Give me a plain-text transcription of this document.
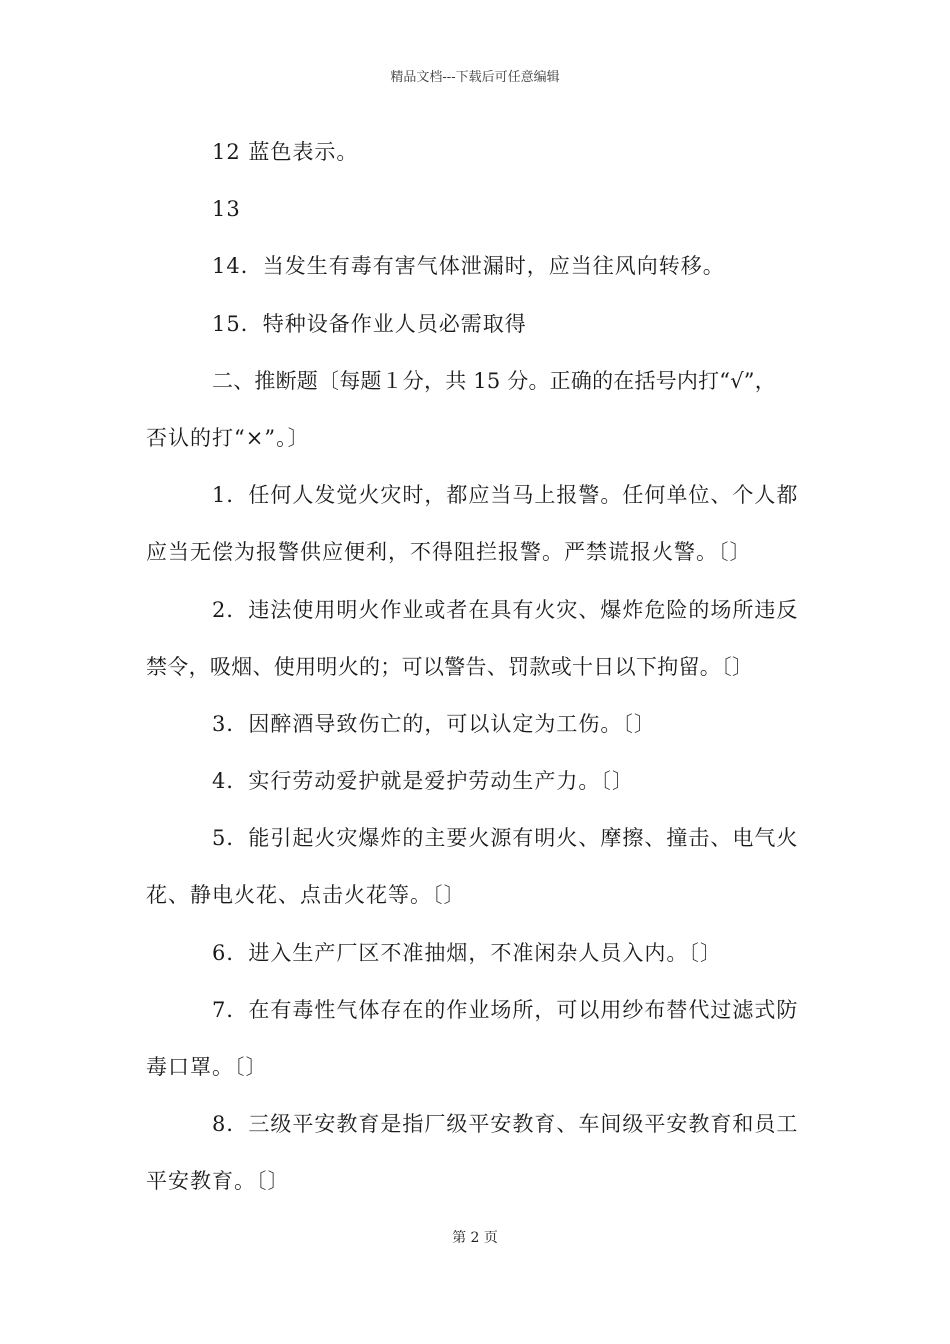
精品文档---下载后可任意编辑
12 蓝色表示。
13
14．当发生有毒有害气体泄漏时，应当往风向转移。
15．特种设备作业人员必需取得
二、推断题〔每题１分，共 15 分。正确的在括号内打“√”，
否认的打“×”。〕
1．任何人发觉火灾时，都应当马上报警。任何单位、个人都
应当无偿为报警供应便利，不得阻拦报警。严禁谎报火警。〔〕
2．违法使用明火作业或者在具有火灾、爆炸危险的场所违反
禁令，吸烟、使用明火的；可以警告、罚款或十日以下拘留。〔〕
3．因醉酒导致伤亡的，可以认定为工伤。〔〕
4．实行劳动爱护就是爱护劳动生产力。〔〕
5．能引起火灾爆炸的主要火源有明火、摩擦、撞击、电气火
花、静电火花、点击火花等。〔〕
6．进入生产厂区不准抽烟，不准闲杂人员入内。〔〕
7．在有毒性气体存在的作业场所，可以用纱布替代过滤式防
毒口罩。〔〕
8．三级平安教育是指厂级平安教育、车间级平安教育和员工
平安教育。〔〕
第 2 页
